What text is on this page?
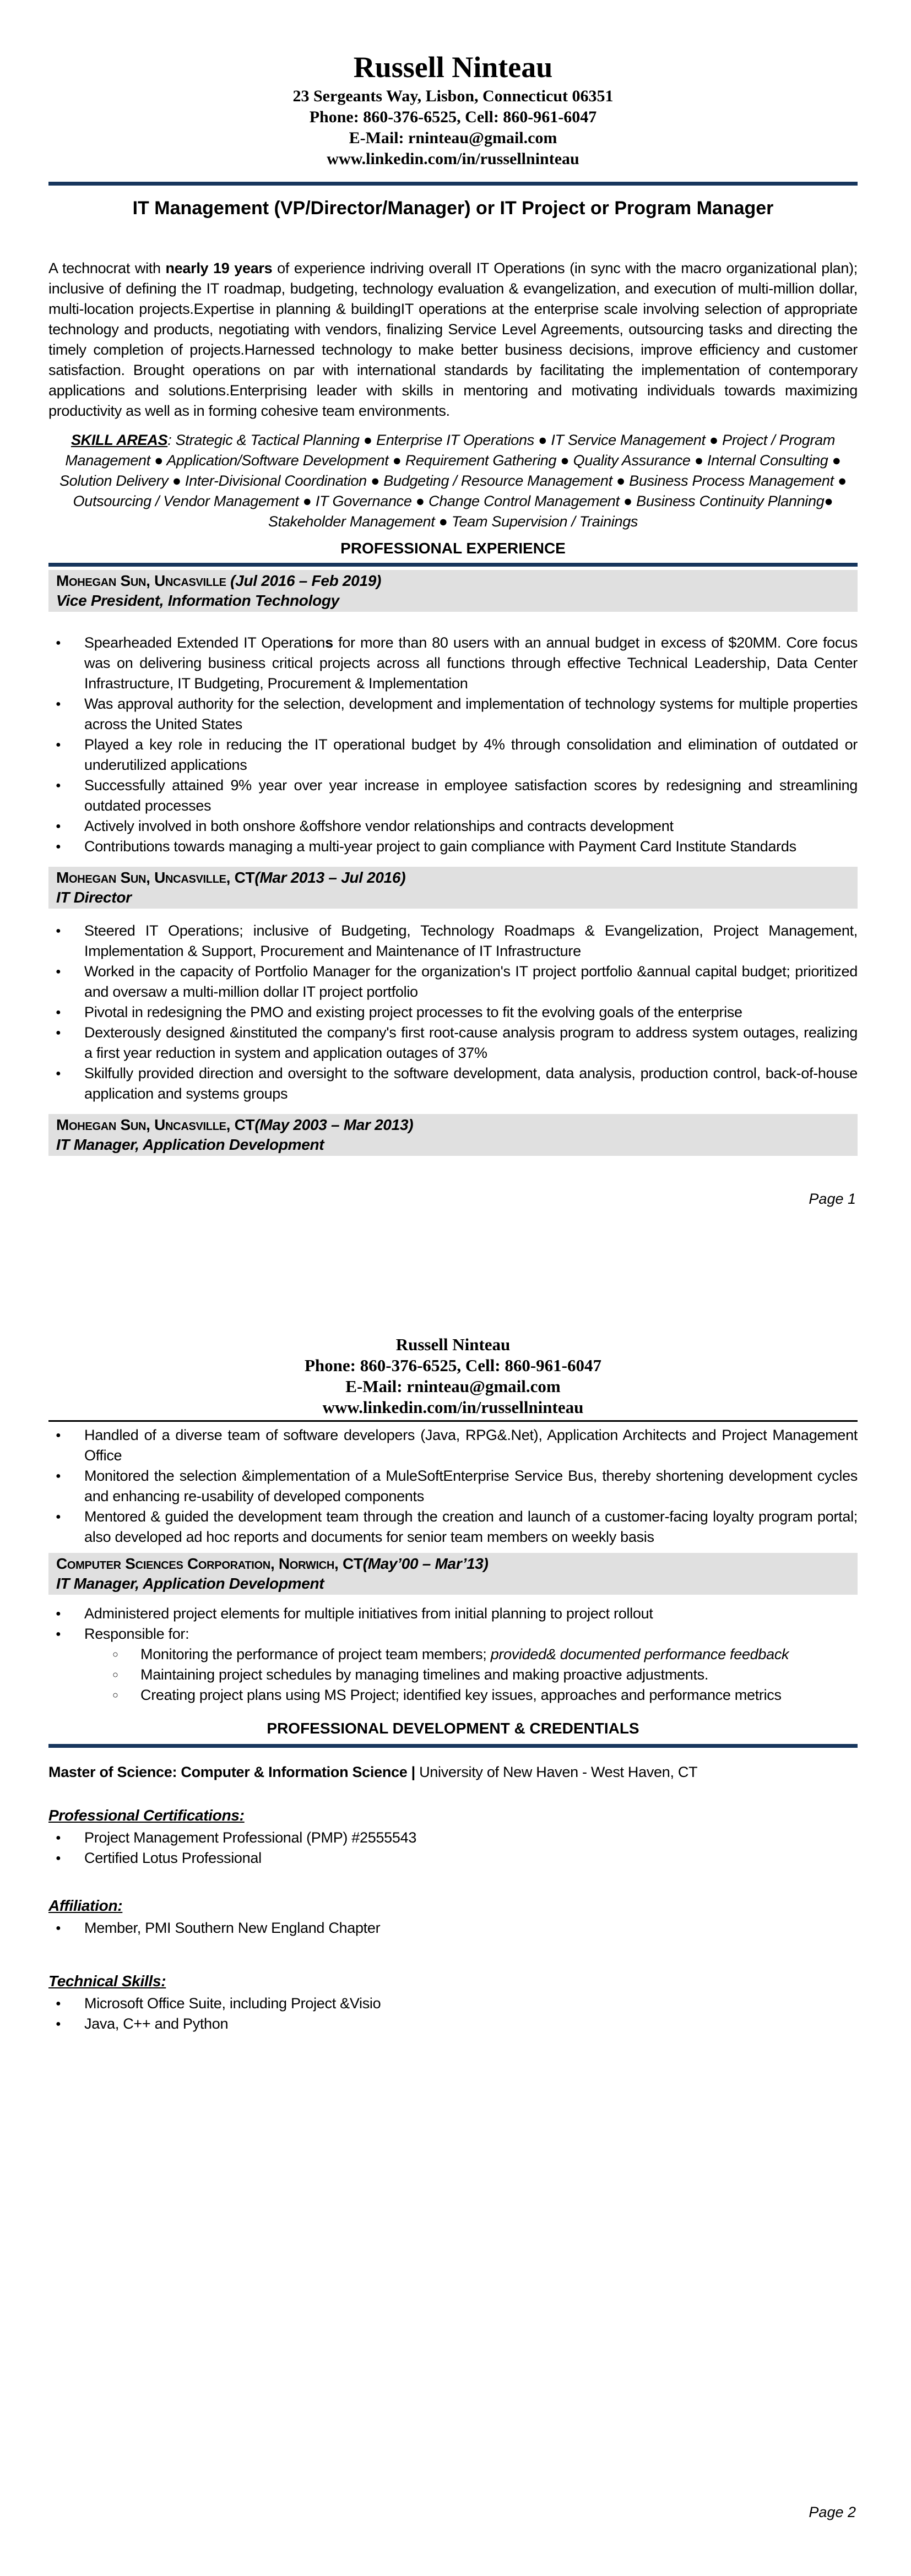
Russell Ninteau
23 Sergeants Way, Lisbon, Connecticut 06351
Phone: 860-376-6525, Cell: 860-961-6047
E-Mail: rninteau@gmail.com
www.linkedin.com/in/russellninteau
IT Management (VP/Director/Manager) or IT Project or Program Manager
A technocrat with nearly 19 years of experience indriving overall IT Operations (in sync with the macro organizational plan); inclusive of defining the IT roadmap, budgeting, technology evaluation & evangelization, and execution of multi-million dollar, multi-location projects.Expertise in planning & buildingIT operations at the enterprise scale involving selection of appropriate technology and products, negotiating with vendors, finalizing Service Level Agreements, outsourcing tasks and directing the timely completion of projects.Harnessed technology to make better business decisions, improve efficiency and customer satisfaction. Brought operations on par with international standards by facilitating the implementation of contemporary applications and solutions.Enterprising leader with skills in mentoring and motivating individuals towards maximizing productivity as well as in forming cohesive team environments.
SKILL AREAS: Strategic & Tactical Planning ● Enterprise IT Operations ● IT Service Management ● Project / Program Management ● Application/Software Development ● Requirement Gathering ● Quality Assurance ● Internal Consulting ● Solution Delivery ● Inter-Divisional Coordination ● Budgeting / Resource Management ● Business Process Management ● Outsourcing / Vendor Management ● IT Governance ● Change Control Management ● Business Continuity Planning● Stakeholder Management ● Team Supervision / Trainings
PROFESSIONAL EXPERIENCE
Mohegan Sun, Uncasville (Jul 2016 – Feb 2019)
Vice President, Information Technology
● Spearheaded Extended IT Operations for more than 80 users with an annual budget in excess of $20MM. Core focus was on delivering business critical projects across all functions through effective Technical Leadership, Data Center Infrastructure, IT Budgeting, Procurement & Implementation
● Was approval authority for the selection, development and implementation of technology systems for multiple properties across the United States
● Played a key role in reducing the IT operational budget by 4% through consolidation and elimination of outdated or underutilized applications
● Successfully attained 9% year over year increase in employee satisfaction scores by redesigning and streamlining outdated processes
● Actively involved in both onshore &offshore vendor relationships and contracts development
● Contributions towards managing a multi-year project to gain compliance with Payment Card Institute Standards
Mohegan Sun, Uncasville, CT(Mar 2013 – Jul 2016)
IT Director
● Steered IT Operations; inclusive of Budgeting, Technology Roadmaps & Evangelization, Project Management, Implementation & Support, Procurement and Maintenance of IT Infrastructure
● Worked in the capacity of Portfolio Manager for the organization's IT project portfolio &annual capital budget; prioritized and oversaw a multi-million dollar IT project portfolio
● Pivotal in redesigning the PMO and existing project processes to fit the evolving goals of the enterprise
● Dexterously designed &instituted the company's first root-cause analysis program to address system outages, realizing a first year reduction in system and application outages of 37%
● Skilfully provided direction and oversight to the software development, data analysis, production control, back-of-house application and systems groups
Mohegan Sun, Uncasville, CT(May 2003 – Mar 2013)
IT Manager, Application Development
Page 1
Russell Ninteau
Phone: 860-376-6525, Cell: 860-961-6047
E-Mail: rninteau@gmail.com
www.linkedin.com/in/russellninteau
● Handled of a diverse team of software developers (Java, RPG&.Net), Application Architects and Project Management Office
● Monitored the selection &implementation of a MuleSoftEnterprise Service Bus, thereby shortening development cycles and enhancing re-usability of developed components
● Mentored & guided the development team through the creation and launch of a customer-facing loyalty program portal; also developed ad hoc reports and documents for senior team members on weekly basis
Computer Sciences Corporation, Norwich, CT(May’00 – Mar’13)
IT Manager, Application Development
● Administered project elements for multiple initiatives from initial planning to project rollout
● Responsible for:
○ Monitoring the performance of project team members; provided& documented performance feedback
○ Maintaining project schedules by managing timelines and making proactive adjustments.
○ Creating project plans using MS Project; identified key issues, approaches and performance metrics
PROFESSIONAL DEVELOPMENT & CREDENTIALS
Master of Science: Computer & Information Science | University of New Haven - West Haven, CT
Professional Certifications:
● Project Management Professional (PMP) #2555543
● Certified Lotus Professional
Affiliation:
● Member, PMI Southern New England Chapter
Technical Skills:
● Microsoft Office Suite, including Project &Visio
● Java, C++ and Python
Page 2
